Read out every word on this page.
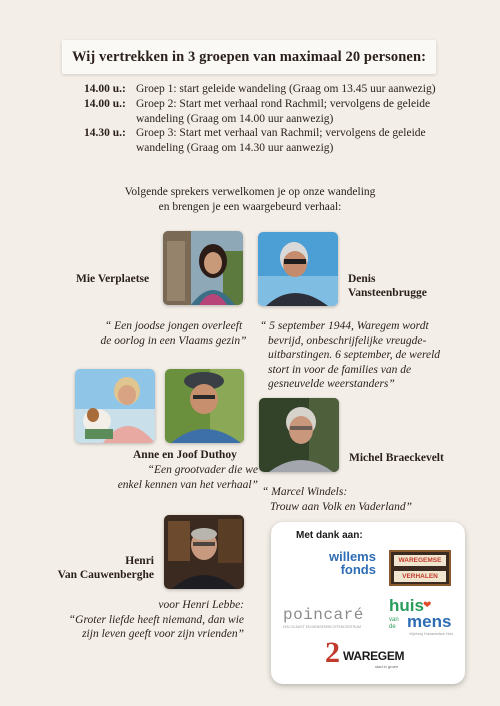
Wij vertrekken in 3 groepen van maximaal 20 personen:
14.00 u.: Groep 1: start geleide wandeling (Graag om 13.45 uur aanwezig)
14.00 u.: Groep 2: Start met verhaal rond Rachmil; vervolgens de geleide wandeling (Graag om 14.00 uur aanwezig)
14.30 u.: Groep 3: Start met verhaal van Rachmil; vervolgens de geleide wandeling (Graag om 14.30 uur aanwezig)
Volgende sprekers verwelkomen je op onze wandeling
en brengen je een waargebeurd verhaal:
Mie Verplaetse
“ Een joodse jongen overleeft
de oorlog in een Vlaams gezin”
Denis
Vansteenbrugge
“ 5 september 1944, Waregem wordt
bevrijd, onbeschrijfelijke vreugde-
uitbarstingen. 6 september, de wereld
stort in voor de families van de
gesneuvelde weerstanders”
Anne en Joof Duthoy
“Een grootvader die we
enkel kennen van het verhaal”
Michel Braeckevelt
“ Marcel Windels:
Trouw aan Volk en Vaderland”
Henri
Van Cauwenberghe
voor Henri Lebbe:
“Groter liefde heeft niemand, dan wie
zijn leven geeft voor zijn vrienden”
Met dank aan:
willems
fonds
WAREGEMSE
VERHALEN
poincaré
HOLOCAUST EN MENSENRECHTENCENTRUM
huis ❤
van de mens
Vrijzinnig Humanistisch Huis
2 WAREGEM
stad in groen
